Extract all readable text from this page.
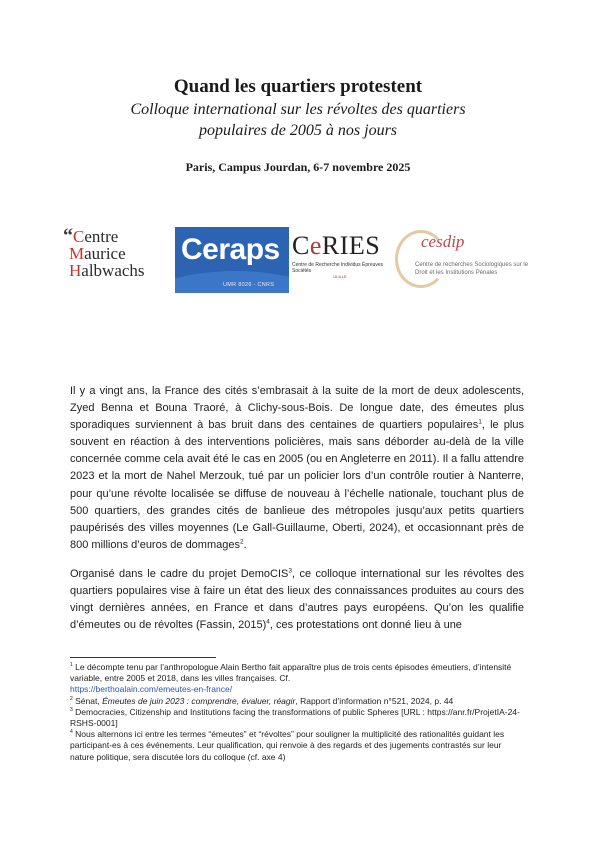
Quand les quartiers protestent
Colloque international sur les révoltes des quartiers
populaires de 2005 à nos jours
Paris, Campus Jourdan, 6-7 novembre 2025
“Centre
Maurice
Halbwachs
Ceraps
UMR 8026 - CNRS
CeRIES
Centre de Recherche Individus Épreuves Sociétés
ULILLE
cesdip
Centre de recherches Sociologiques sur le Droit et les Institutions Pénales

Il y a vingt ans, la France des cités s’embrasait à la suite de la mort de deux adolescents, Zyed Benna et Bouna Traoré, à Clichy-sous-Bois. De longue date, des émeutes plus sporadiques surviennent à bas bruit dans des centaines de quartiers populaires$^1$, le plus souvent en réaction à des interventions policières, mais sans déborder au-delà de la ville concernée comme cela avait été le cas en 2005 (ou en Angleterre en 2011). Il a fallu attendre 2023 et la mort de Nahel Merzouk, tué par un policier lors d’un contrôle routier à Nanterre, pour qu’une révolte localisée se diffuse de nouveau à l’échelle nationale, touchant plus de 500 quartiers, des grandes cités de banlieue des métropoles jusqu’aux petits quartiers paupérisés des villes moyennes (Le Gall-Guillaume, Oberti, 2024), et occasionnant près de 800 millions d’euros de dommages$^2$.

Organisé dans le cadre du projet DemoCIS$^3$, ce colloque international sur les révoltes des quartiers populaires vise à faire un état des lieux des connaissances produites au cours des vingt dernières années, en France et dans d’autres pays européens. Qu’on les qualifie d’émeutes ou de révoltes (Fassin, 2015)$^4$, ces protestations ont donné lieu à une

$^1$ Le décompte tenu par l’anthropologue Alain Bertho fait apparaître plus de trois cents épisodes émeutiers, d’intensité variable, entre 2005 et 2018, dans les villes françaises. Cf.
https://berthoalain.com/emeutes-en-france/

$^2$ Sénat, Émeutes de juin 2023 : comprendre, évaluer, réagir, Rapport d’information n°521, 2024, p. 44

$^3$ Democracies, Citizenship and Institutions facing the transformations of public Spheres [URL : https://anr.fr/ProjetIA-24-RSHS-0001]

$^4$ Nous alternons ici entre les termes “émeutes” et “révoltes” pour souligner la multiplicité des rationalités guidant les participant-es à ces événements. Leur qualification, qui renvoie à des regards et des jugements contrastés sur leur nature politique, sera discutée lors du colloque (cf. axe 4)
